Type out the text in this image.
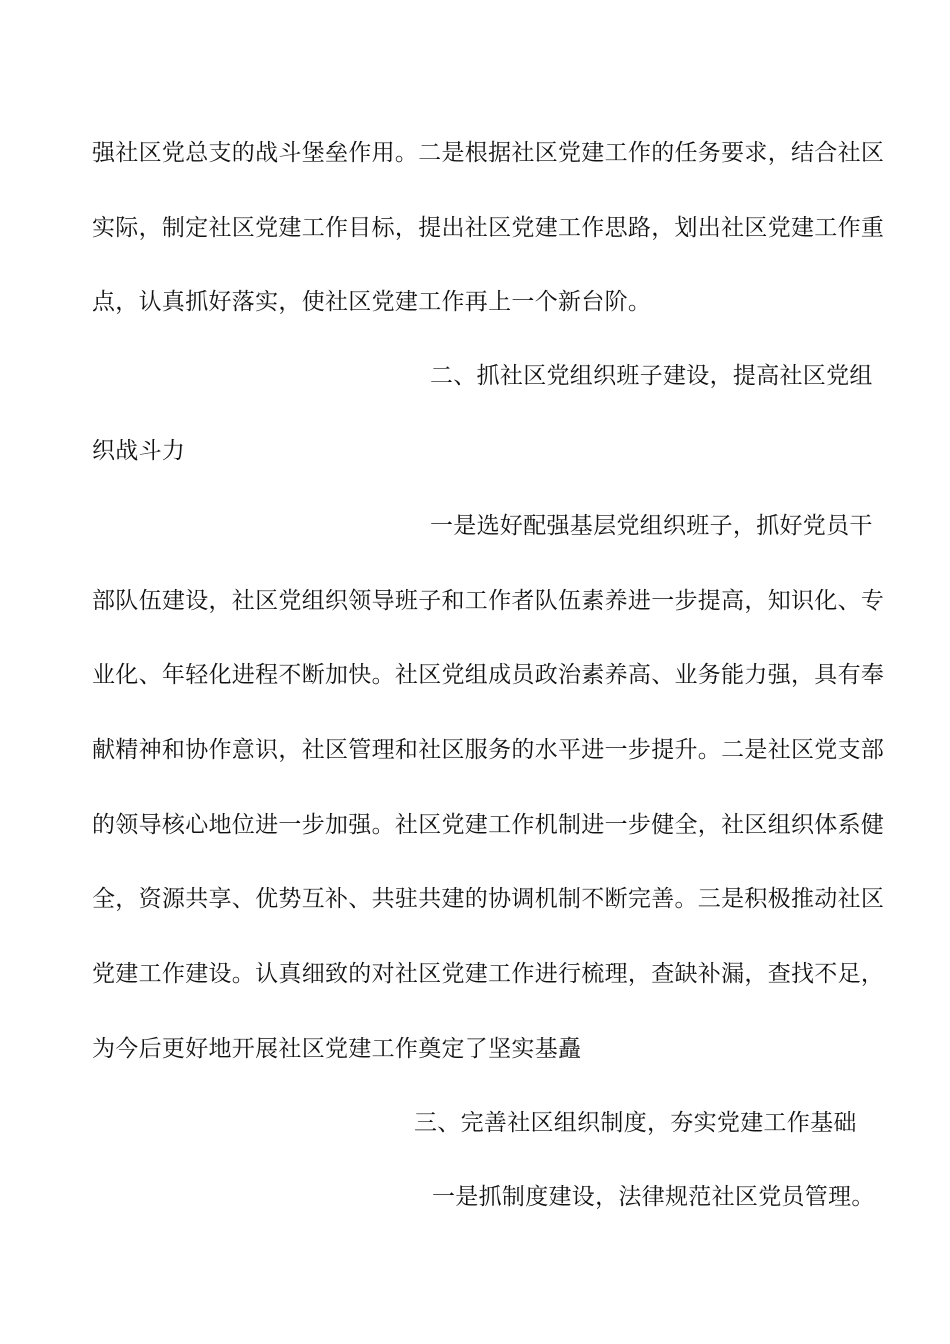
强社区党总支的战斗堡垒作用。二是根据社区党建工作的任务要求，结合社区
实际，制定社区党建工作目标，提出社区党建工作思路，划出社区党建工作重
点，认真抓好落实，使社区党建工作再上一个新台阶。
二、抓社区党组织班子建设，提高社区党组
织战斗力
一是选好配强基层党组织班子，抓好党员干
部队伍建设，社区党组织领导班子和工作者队伍素养进一步提高，知识化、专
业化、年轻化进程不断加快。社区党组成员政治素养高、业务能力强，具有奉
献精神和协作意识，社区管理和社区服务的水平进一步提升。二是社区党支部
的领导核心地位进一步加强。社区党建工作机制进一步健全，社区组织体系健
全，资源共享、优势互补、共驻共建的协调机制不断完善。三是积极推动社区
党建工作建设。认真细致的对社区党建工作进行梳理，查缺补漏，查找不足，
为今后更好地开展社区党建工作奠定了坚实基矗
三、完善社区组织制度，夯实党建工作基础
一是抓制度建设，法律规范社区党员管理。
